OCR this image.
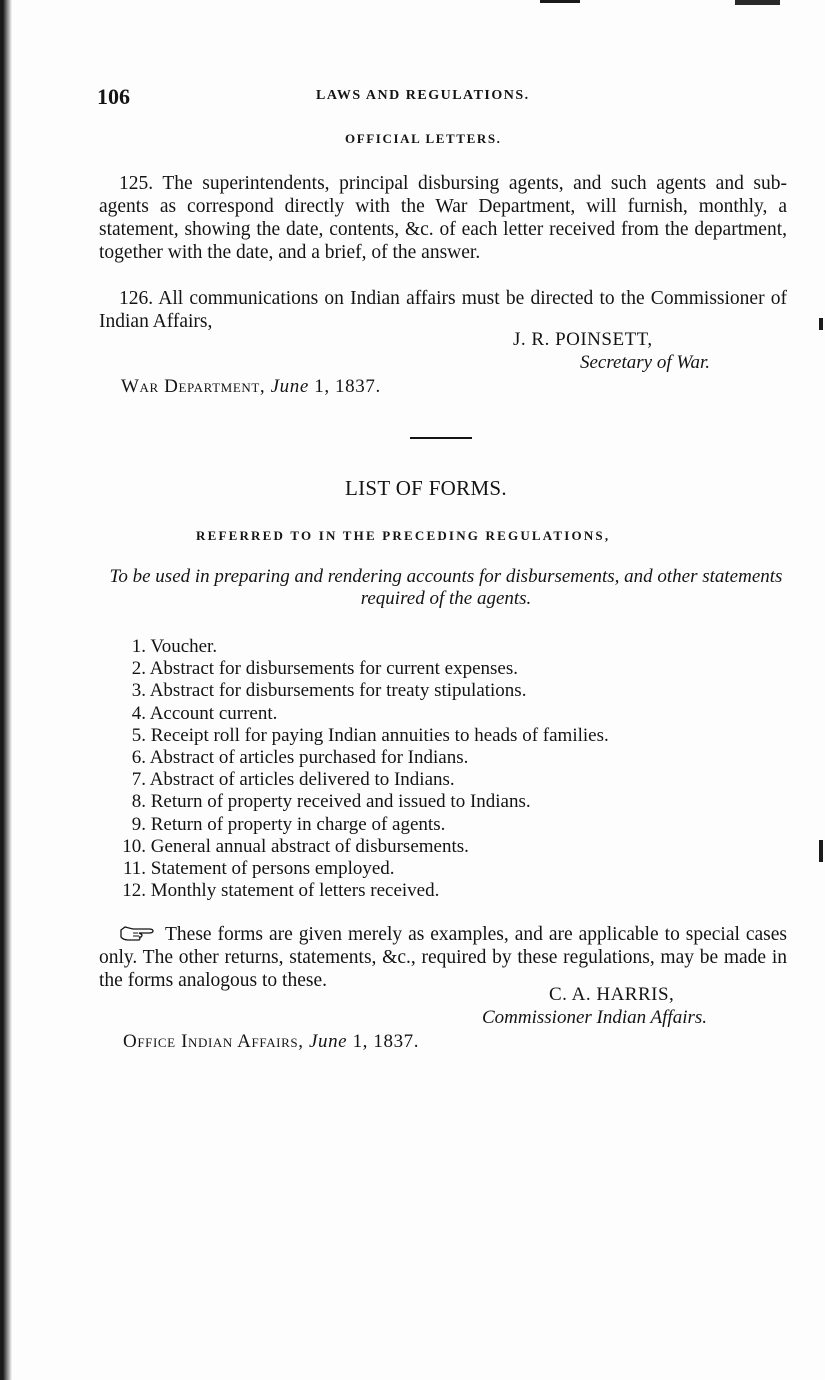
106	LAWS AND REGULATIONS.
OFFICIAL LETTERS.
125. The superintendents, principal disbursing agents, and such agents and sub-agents as correspond directly with the War Department, will furnish, monthly, a statement, showing the date, contents, &c. of each letter received from the department, together with the date, and a brief, of the answer.
126. All communications on Indian affairs must be directed to the Commissioner of Indian Affairs,
J. R. POINSETT,
Secretary of War.
War Department, June 1, 1837.
LIST OF FORMS.
REFERRED TO IN THE PRECEDING REGULATIONS,
To be used in preparing and rendering accounts for disbursements, and other statements required of the agents.
1. Voucher.
2. Abstract for disbursements for current expenses.
3. Abstract for disbursements for treaty stipulations.
4. Account current.
5. Receipt roll for paying Indian annuities to heads of families.
6. Abstract of articles purchased for Indians.
7. Abstract of articles delivered to Indians.
8. Return of property received and issued to Indians.
9. Return of property in charge of agents.
10. General annual abstract of disbursements.
11. Statement of persons employed.
12. Monthly statement of letters received.
These forms are given merely as examples, and are applicable to special cases only. The other returns, statements, &c., required by these regulations, may be made in the forms analogous to these.
C. A. HARRIS,
Commissioner Indian Affairs.
Office Indian Affairs, June 1, 1837.
